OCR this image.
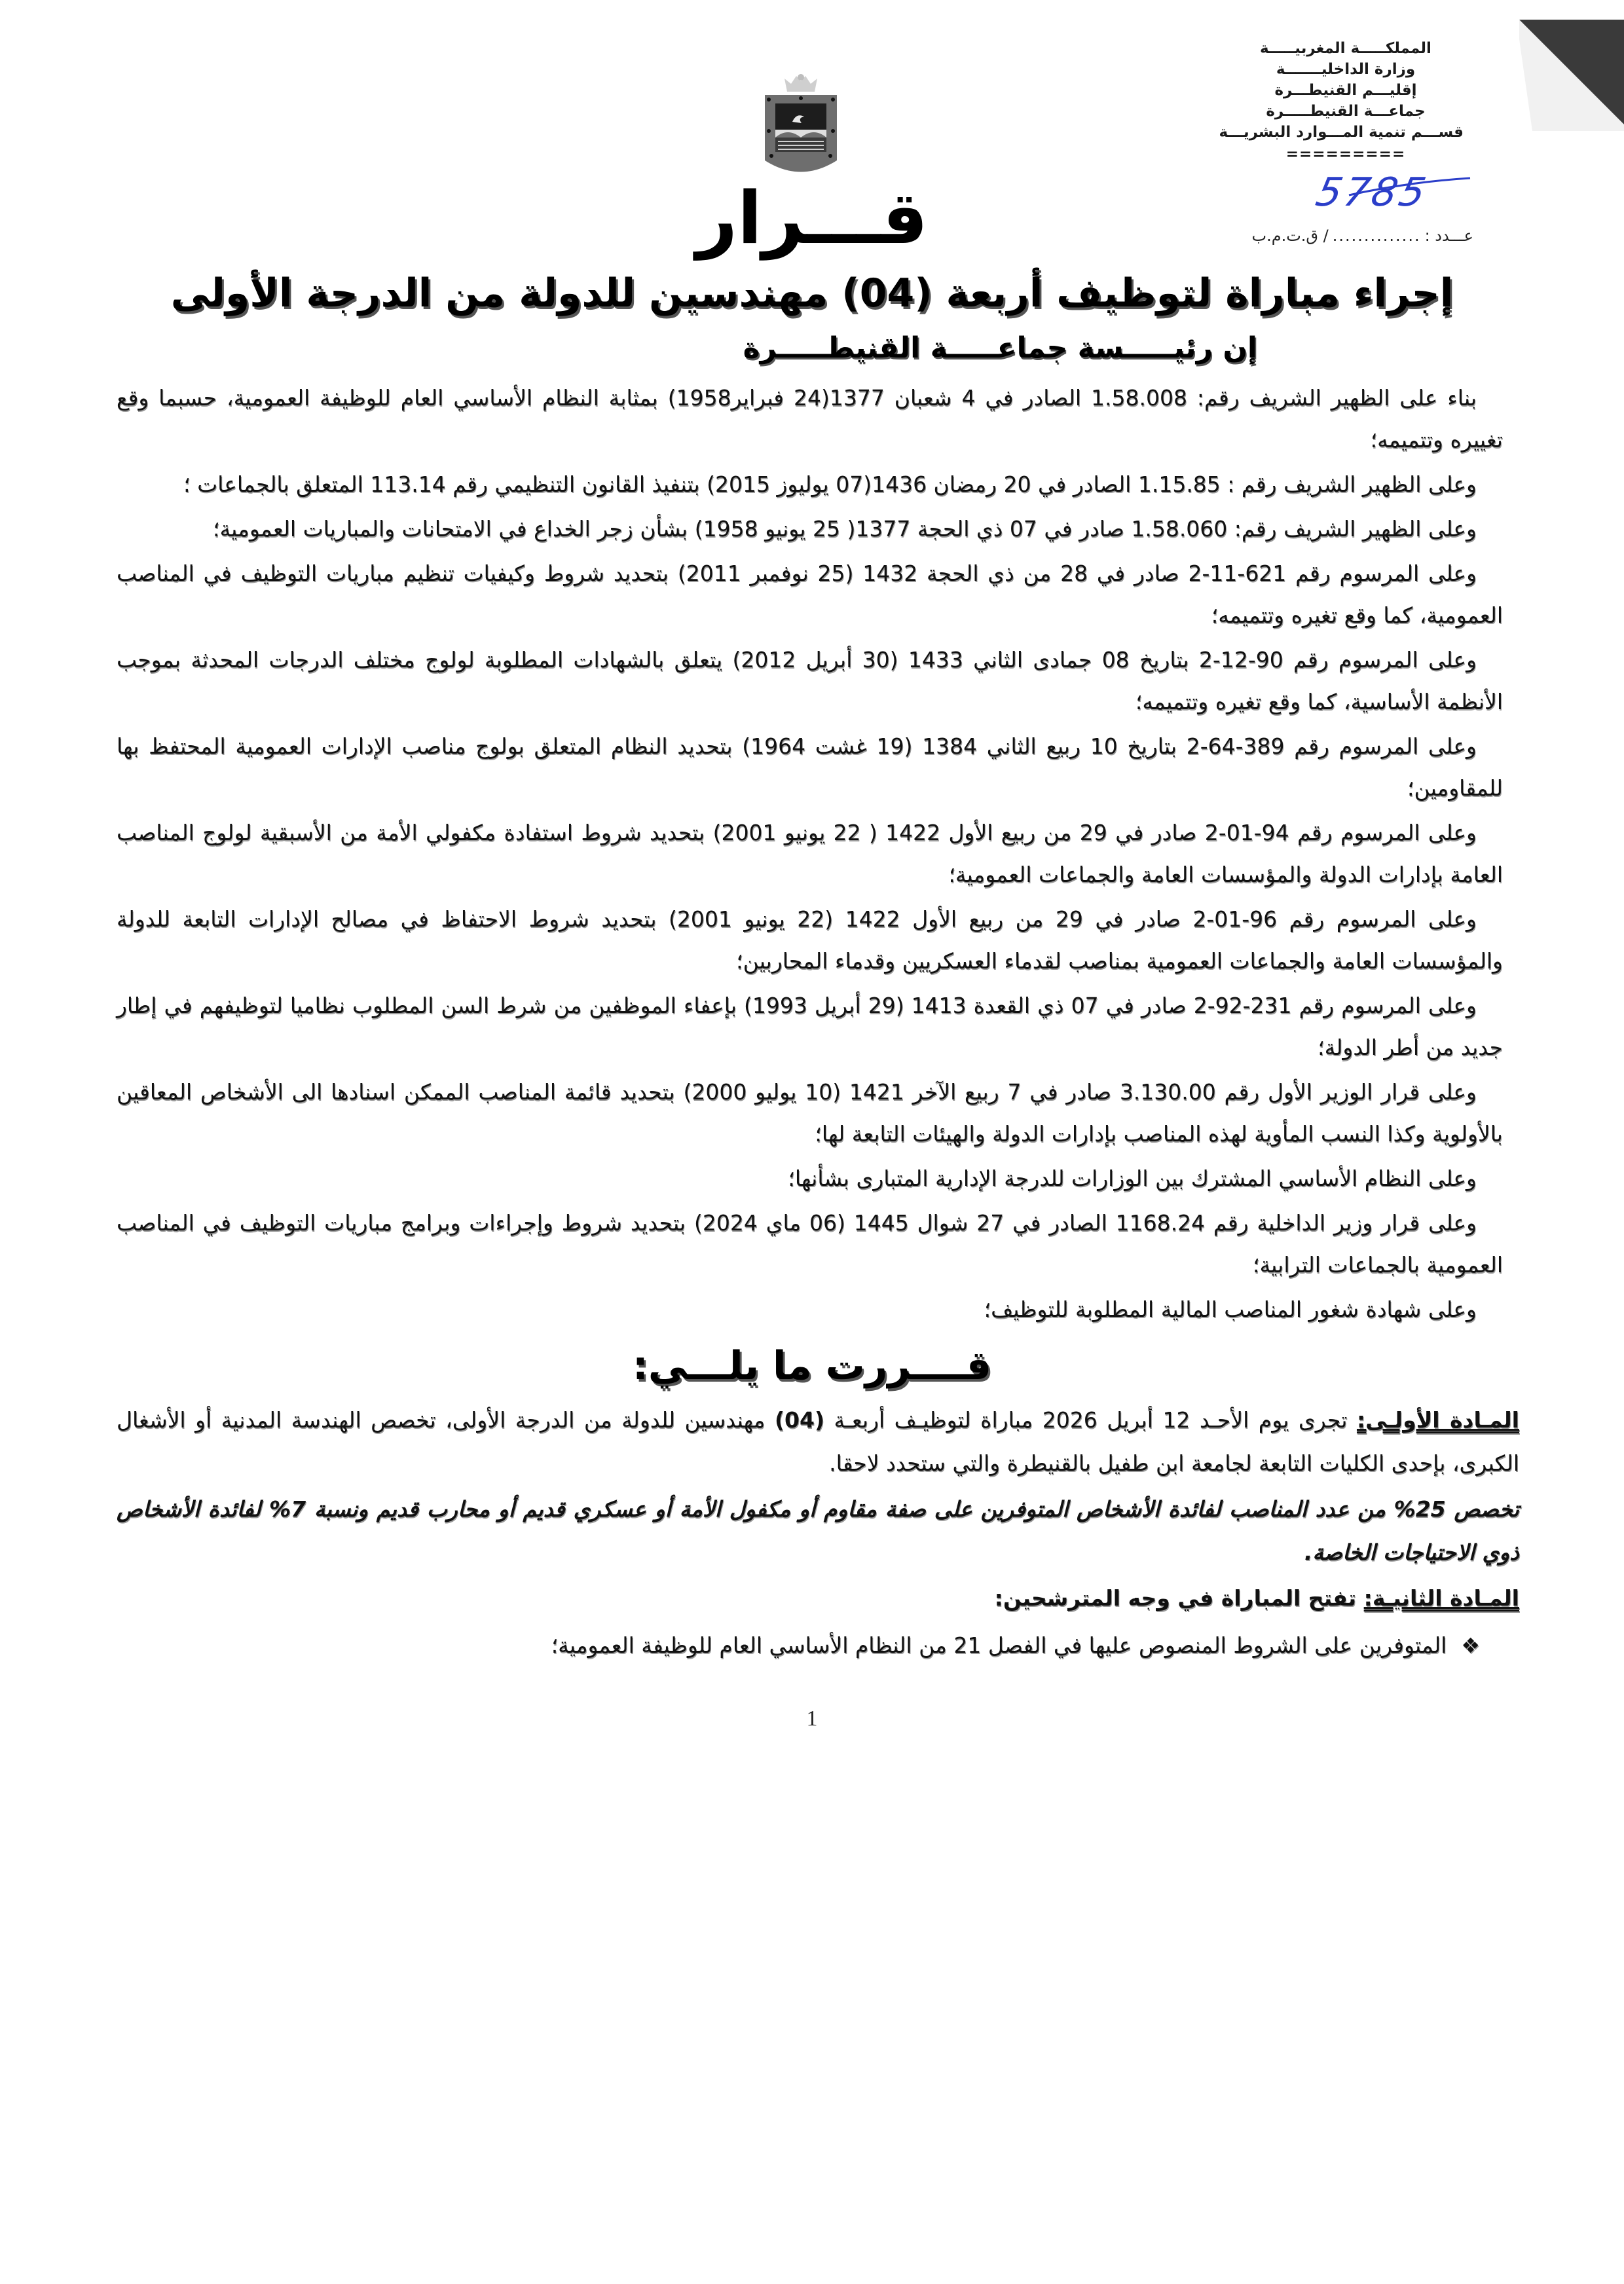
المملكـــــة المغربيـــــة
وزارة الداخليـــــــة
إقليـــم القنيطـــرة
جماعـــة القنيطـــــرة
قســـم تنمية المـــوارد البشريـــة
=========
5785
عـــدد :
..............
/ ق.ت.م.ب
قـــرار
إجراء مباراة لتوظيف أربعة (04) مهندسين للدولة من الدرجة الأولى
إن رئيـــــسة جماعـــــة القنيطـــــرة

بناء على الظهير الشريف رقم: 1.58.008 الصادر في 4 شعبان 1377(24 فبراير1958) بمثابة النظام الأساسي العام للوظيفة العمومية، حسبما وقع تغييره وتتميمه؛

وعلى الظهير الشريف رقم : 1.15.85 الصادر في 20 رمضان 1436(07 يوليوز 2015) بتنفيذ القانون التنظيمي رقم 113.14 المتعلق بالجماعات ؛

وعلى الظهير الشريف رقم: 1.58.060 صادر في 07 ذي الحجة 1377( 25 يونيو 1958) بشأن زجر الخداع في الامتحانات والمباريات العمومية؛

وعلى المرسوم رقم 621-11-2 صادر في 28 من ذي الحجة 1432 (25 نوفمبر 2011) بتحديد شروط وكيفيات تنظيم مباريات التوظيف في المناصب العمومية، كما وقع تغيره وتتميمه؛

وعلى المرسوم رقم 90-12-2 بتاريخ 08 جمادى الثاني 1433 (30 أبريل 2012) يتعلق بالشهادات المطلوبة لولوج مختلف الدرجات المحدثة بموجب الأنظمة الأساسية، كما وقع تغيره وتتميمه؛

وعلى المرسوم رقم 389-64-2 بتاريخ 10 ربيع الثاني 1384 (19 غشت 1964) بتحديد النظام المتعلق بولوج مناصب الإدارات العمومية المحتفظ بها للمقاومين؛

وعلى المرسوم رقم 94-01-2 صادر في 29 من ربيع الأول 1422 ( 22 يونيو 2001) بتحديد شروط استفادة مكفولي الأمة من الأسبقية لولوج المناصب العامة بإدارات الدولة والمؤسسات العامة والجماعات العمومية؛

وعلى المرسوم رقم 96-01-2 صادر في 29 من ربيع الأول 1422 (22 يونيو 2001) بتحديد شروط الاحتفاظ في مصالح الإدارات التابعة للدولة والمؤسسات العامة والجماعات العمومية بمناصب لقدماء العسكريين وقدماء المحاربين؛

وعلى المرسوم رقم 231-92-2 صادر في 07 ذي القعدة 1413 (29 أبريل 1993) بإعفاء الموظفين من شرط السن المطلوب نظاميا لتوظيفهم في إطار جديد من أطر الدولة؛

وعلى قرار الوزير الأول رقم 3.130.00 صادر في 7 ربيع الآخر 1421 (10 يوليو 2000) بتحديد قائمة المناصب الممكن اسنادها الى الأشخاص المعاقين بالأولوية وكذا النسب المأوية لهذه المناصب بإدارات الدولة والهيئات التابعة لها؛

وعلى النظام الأساسي المشترك بين الوزارات للدرجة الإدارية المتبارى بشأنها؛

وعلى قرار وزير الداخلية رقم 1168.24 الصادر في 27 شوال 1445 (06 ماي 2024) بتحديد شروط وإجراءات وبرامج مباريات التوظيف في المناصب العمومية بالجماعات الترابية؛

وعلى شهادة شغور المناصب المالية المطلوبة للتوظيف؛

قــــررت ما يلـــي:

المـادة الأولـى: تجرى يوم الأحـد 12 أبريل 2026 مباراة لتوظيـف أربعـة (04) مهندسين للدولة من الدرجة الأولى، تخصص الهندسة المدنية أو الأشغال الكبرى، بإحدى الكليات التابعة لجامعة ابن طفيل بالقنيطرة والتي ستحدد لاحقا.

تخصص 25% من عدد المناصب لفائدة الأشخاص المتوفرين على صفة مقاوم أو مكفول الأمة أو عسكري قديم أو محارب قديم ونسبة 7% لفائدة الأشخاص ذوي الاحتياجات الخاصة.

المـادة الثانيـة: تفتح المباراة في وجه المترشحين:

❖
المتوفرين على الشروط المنصوص عليها في الفصل 21 من النظام الأساسي العام للوظيفة العمومية؛
1
